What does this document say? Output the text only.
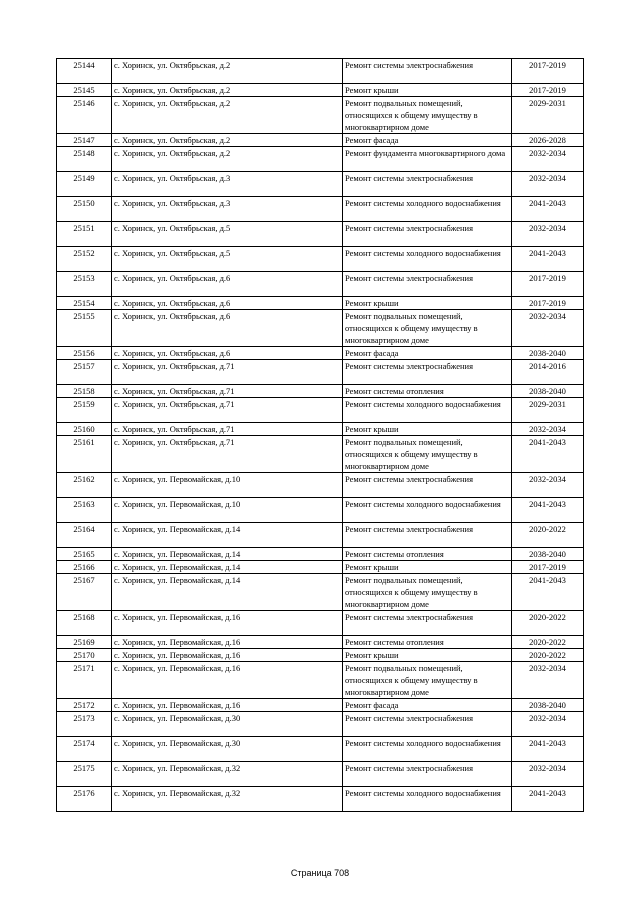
25144	с. Хоринск, ул. Октябрьская, д.2	Ремонт системы электроснабжения	2017-2019
25145	с. Хоринск, ул. Октябрьская, д.2	Ремонт крыши	2017-2019
25146	с. Хоринск, ул. Октябрьская, д.2	Ремонт подвальных помещений, относящихся к общему имуществу в многоквартирном доме	2029-2031
25147	с. Хоринск, ул. Октябрьская, д.2	Ремонт фасада	2026-2028
25148	с. Хоринск, ул. Октябрьская, д.2	Ремонт фундамента многоквартирного дома	2032-2034
25149	с. Хоринск, ул. Октябрьская, д.3	Ремонт системы электроснабжения	2032-2034
25150	с. Хоринск, ул. Октябрьская, д.3	Ремонт системы холодного водоснабжения	2041-2043
25151	с. Хоринск, ул. Октябрьская, д.5	Ремонт системы электроснабжения	2032-2034
25152	с. Хоринск, ул. Октябрьская, д.5	Ремонт системы холодного водоснабжения	2041-2043
25153	с. Хоринск, ул. Октябрьская, д.6	Ремонт системы электроснабжения	2017-2019
25154	с. Хоринск, ул. Октябрьская, д.6	Ремонт крыши	2017-2019
25155	с. Хоринск, ул. Октябрьская, д.6	Ремонт подвальных помещений, относящихся к общему имуществу в многоквартирном доме	2032-2034
25156	с. Хоринск, ул. Октябрьская, д.6	Ремонт фасада	2038-2040
25157	с. Хоринск, ул. Октябрьская, д.71	Ремонт системы электроснабжения	2014-2016
25158	с. Хоринск, ул. Октябрьская, д.71	Ремонт системы отопления	2038-2040
25159	с. Хоринск, ул. Октябрьская, д.71	Ремонт системы холодного водоснабжения	2029-2031
25160	с. Хоринск, ул. Октябрьская, д.71	Ремонт крыши	2032-2034
25161	с. Хоринск, ул. Октябрьская, д.71	Ремонт подвальных помещений, относящихся к общему имуществу в многоквартирном доме	2041-2043
25162	с. Хоринск, ул. Первомайская, д.10	Ремонт системы электроснабжения	2032-2034
25163	с. Хоринск, ул. Первомайская, д.10	Ремонт системы холодного водоснабжения	2041-2043
25164	с. Хоринск, ул. Первомайская, д.14	Ремонт системы электроснабжения	2020-2022
25165	с. Хоринск, ул. Первомайская, д.14	Ремонт системы отопления	2038-2040
25166	с. Хоринск, ул. Первомайская, д.14	Ремонт крыши	2017-2019
25167	с. Хоринск, ул. Первомайская, д.14	Ремонт подвальных помещений, относящихся к общему имуществу в многоквартирном доме	2041-2043
25168	с. Хоринск, ул. Первомайская, д.16	Ремонт системы электроснабжения	2020-2022
25169	с. Хоринск, ул. Первомайская, д.16	Ремонт системы отопления	2020-2022
25170	с. Хоринск, ул. Первомайская, д.16	Ремонт крыши	2020-2022
25171	с. Хоринск, ул. Первомайская, д.16	Ремонт подвальных помещений, относящихся к общему имуществу в многоквартирном доме	2032-2034
25172	с. Хоринск, ул. Первомайская, д.16	Ремонт фасада	2038-2040
25173	с. Хоринск, ул. Первомайская, д.30	Ремонт системы электроснабжения	2032-2034
25174	с. Хоринск, ул. Первомайская, д.30	Ремонт системы холодного водоснабжения	2041-2043
25175	с. Хоринск, ул. Первомайская, д.32	Ремонт системы электроснабжения	2032-2034
25176	с. Хоринск, ул. Первомайская, д.32	Ремонт системы холодного водоснабжения	2041-2043
Страница 708
